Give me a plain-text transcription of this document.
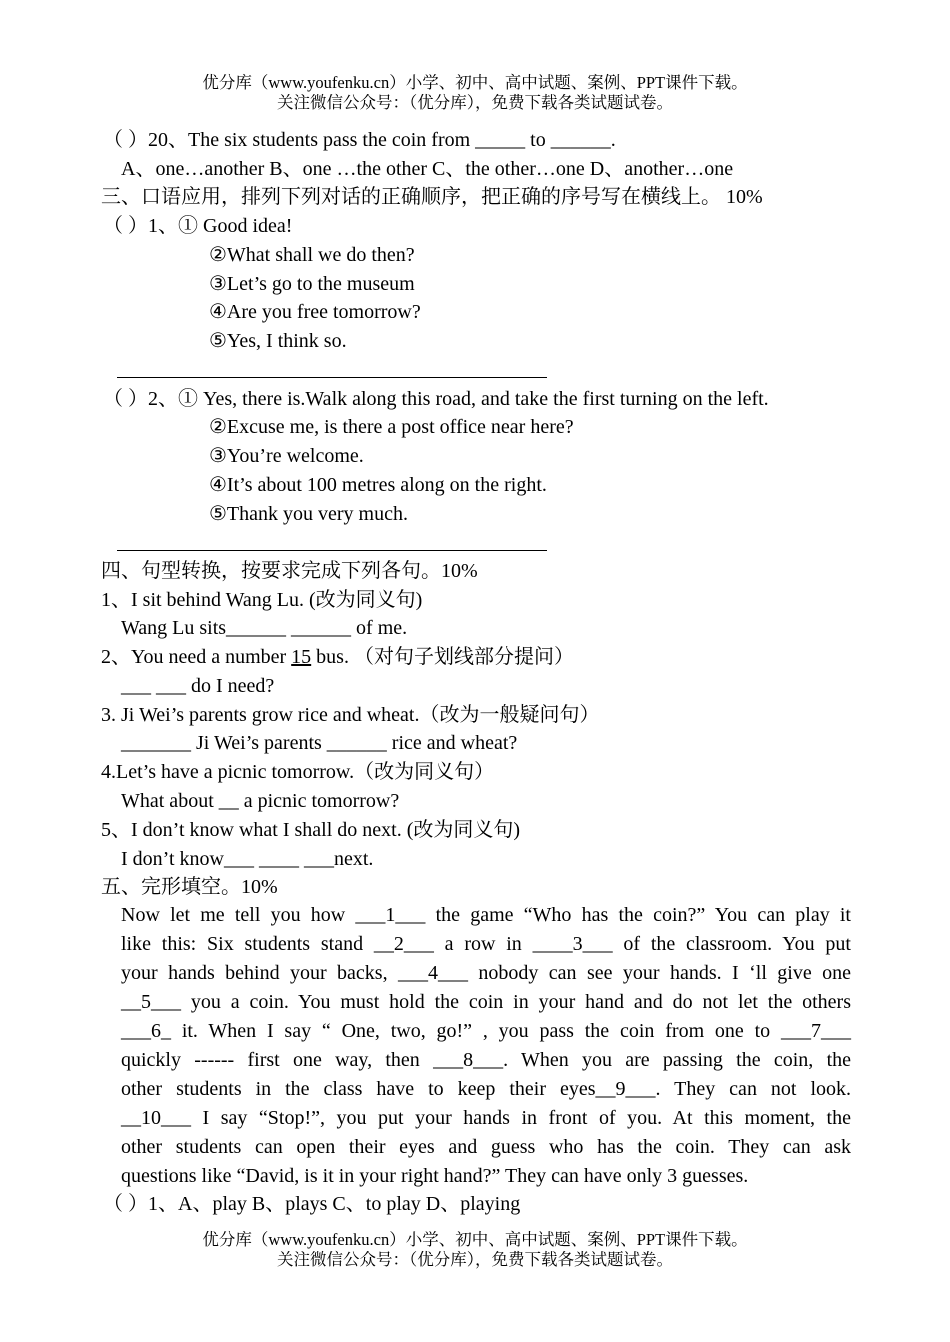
优分库（www.youfenku.cn）小学、初中、高中试题、案例、PPT课件下载。
关注微信公众号：（优分库），免费下载各类试题试卷。
（ ）20、The six students pass the coin from _____ to ______.
A、one…another B、one …the other C、the other…one D、another…one
三、口语应用，排列下列对话的正确顺序，把正确的序号写在横线上。 10%
（ ）1、① Good idea!
②What shall we do then?
③Let’s go to the museum
④Are you free tomorrow?
⑤Yes, I think so.
（ ）2、① Yes, there is.Walk along this road, and take the first turning on the left.
②Excuse me, is there a post office near here?
③You’re welcome.
④It’s about 100 metres along on the right.
⑤Thank you very much.
四、句型转换，按要求完成下列各句。10%
1、I sit behind Wang Lu. (改为同义句)
Wang Lu sits______ ______ of me.
2、You need a number 15 bus. （对句子划线部分提问）
___ ___ do I need?
3. Ji Wei’s parents grow rice and wheat.（改为一般疑问句）
_______ Ji Wei’s parents ______ rice and wheat?
4.Let’s have a picnic tomorrow.（改为同义句）
What about __ a picnic tomorrow?
5、I don’t know what I shall do next. (改为同义句)
I don’t know___ ____ ___next.
五、完形填空。10%
Now let me tell you how ___1___ the game “Who has the coin?” You can play it
like this: Six students stand __2___ a row in ____3___ of the classroom. You put
your hands behind your backs, ___4___ nobody can see your hands. I ‘ll give one
__5___ you a coin. You must hold the coin in your hand and do not let the others
___6_ it. When I say “ One, two, go!” , you pass the coin from one to ___7___
quickly ------ first one way, then ___8___. When you are passing the coin, the
other students in the class have to keep their eyes__9___. They can not look.
__10___ I say “Stop!”, you put your hands in front of you. At this moment, the
other students can open their eyes and guess who has the coin. They can ask
questions like “David, is it in your right hand?” They can have only 3 guesses.
（ ）1、A、play B、plays C、to play D、playing
优分库（www.youfenku.cn）小学、初中、高中试题、案例、PPT课件下载。
关注微信公众号：（优分库），免费下载各类试题试卷。
